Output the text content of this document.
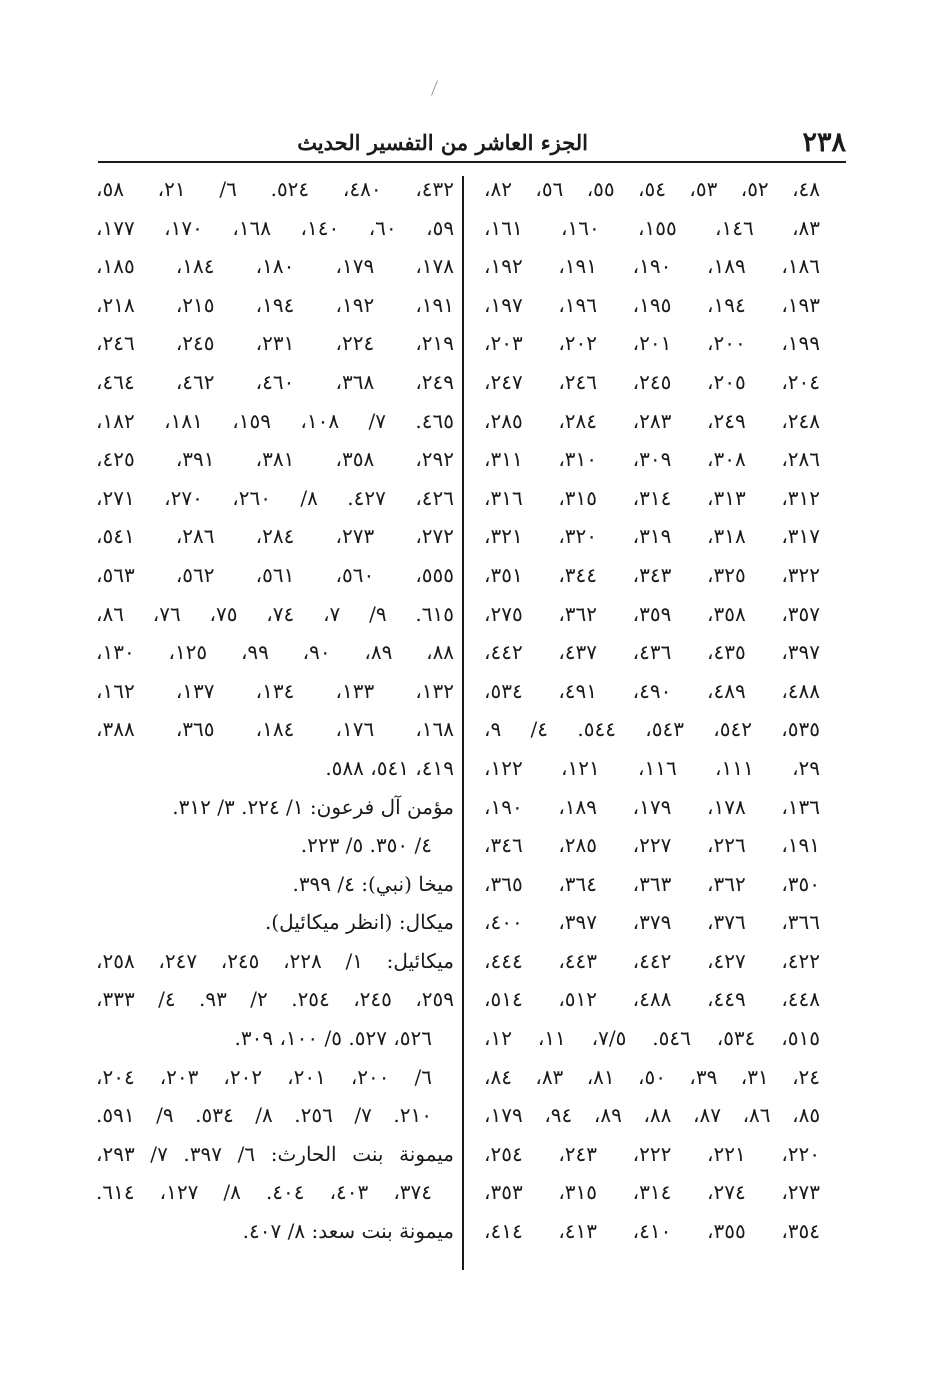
٢٣٨
الجزء العاشر من التفسير الحديث
٤٨، ٥٢، ٥٣، ٥٤، ٥٥، ٥٦، ٨٢،
٨٣، ١٤٦، ١٥٥، ١٦٠، ١٦١،
١٨٦، ١٨٩، ١٩٠، ١٩١، ١٩٢،
١٩٣، ١٩٤، ١٩٥، ١٩٦، ١٩٧،
١٩٩، ٢٠٠، ٢٠١، ٢٠٢، ٢٠٣،
٢٠٤، ٢٠٥، ٢٤٥، ٢٤٦، ٢٤٧،
٢٤٨، ٢٤٩، ٢٨٣، ٢٨٤، ٢٨٥،
٢٨٦، ٣٠٨، ٣٠٩، ٣١٠، ٣١١،
٣١٢، ٣١٣، ٣١٤، ٣١٥، ٣١٦،
٣١٧، ٣١٨، ٣١٩، ٣٢٠، ٣٢١،
٣٢٢، ٣٢٥، ٣٤٣، ٣٤٤، ٣٥١،
٣٥٧، ٣٥٨، ٣٥٩، ٣٦٢، ٢٧٥،
٣٩٧، ٤٣٥، ٤٣٦، ٤٣٧، ٤٤٢،
٤٨٨، ٤٨٩، ٤٩٠، ٤٩١، ٥٣٤،
٥٣٥، ٥٤٢، ٥٤٣، ٥٤٤. ٤/ ٩،
٢٩، ١١١، ١١٦، ١٢١، ١٢٢،
١٣٦، ١٧٨، ١٧٩، ١٨٩، ١٩٠،
١٩١، ٢٢٦، ٢٢٧، ٢٨٥، ٣٤٦،
٣٥٠، ٣٦٢، ٣٦٣، ٣٦٤، ٣٦٥،
٣٦٦، ٣٧٦، ٣٧٩، ٣٩٧، ٤٠٠،
٤٢٢، ٤٢٧، ٤٤٢، ٤٤٣، ٤٤٤،
٤٤٨، ٤٤٩، ٤٨٨، ٥١٢، ٥١٤،
٥١٥، ٥٣٤، ٥٤٦. ٧/٥، ١١، ١٢،
٢٤، ٣١، ٣٩، ٥٠، ٨١، ٨٣، ٨٤،
٨٥، ٨٦، ٨٧، ٨٨، ٨٩، ٩٤، ١٧٩،
٢٢٠، ٢٢١، ٢٢٢، ٢٤٣، ٢٥٤،
٢٧٣، ٢٧٤، ٣١٤، ٣١٥، ٣٥٣،
٣٥٤، ٣٥٥، ٤١٠، ٤١٣، ٤١٤،
٤٣٢، ٤٨٠، ٥٢٤. ٦/ ٢١، ٥٨،
٥٩، ٦٠، ١٤٠، ١٦٨، ١٧٠، ١٧٧،
١٧٨، ١٧٩، ١٨٠، ١٨٤، ١٨٥،
١٩١، ١٩٢، ١٩٤، ٢١٥، ٢١٨،
٢١٩، ٢٢٤، ٢٣١، ٢٤٥، ٢٤٦،
٢٤٩، ٣٦٨، ٤٦٠، ٤٦٢، ٤٦٤،
٤٦٥. ٧/ ١٠٨، ١٥٩، ١٨١، ١٨٢،
٢٩٢، ٣٥٨، ٣٨١، ٣٩١، ٤٢٥،
٤٢٦، ٤٢٧. ٨/ ٢٦٠، ٢٧٠، ٢٧١،
٢٧٢، ٢٧٣، ٢٨٤، ٢٨٦، ٥٤١،
٥٥٥، ٥٦٠، ٥٦١، ٥٦٢، ٥٦٣،
٦١٥. ٩/ ٧، ٧٤، ٧٥، ٧٦، ٨٦،
٨٨، ٨٩، ٩٠، ٩٩، ١٢٥، ١٣٠،
١٣٢، ١٣٣، ١٣٤، ١٣٧، ١٦٢،
١٦٨، ١٧٦، ١٨٤، ٣٦٥، ٣٨٨،
٤١٩، ٥٤١، ٥٨٨.
مؤمن آل فرعون: ١/ ٢٢٤. ٣/ ٣١٢.
٤/ ٣٥٠. ٥/ ٢٢٣.
ميخا (نبي): ٤/ ٣٩٩.
ميكال: (انظر ميكائيل).
ميكائيل: ١/ ٢٢٨، ٢٤٥، ٢٤٧، ٢٥٨،
٢٥٩، ٢٤٥، ٢٥٤. ٢/ ٩٣. ٤/ ٣٣٣،
٥٢٦، ٥٢٧. ٥/ ١٠٠، ٣٠٩.
٦/ ٢٠٠، ٢٠١، ٢٠٢، ٢٠٣، ٢٠٤،
٢١٠. ٧/ ٢٥٦. ٨/ ٥٣٤. ٩/ ٥٩١.
ميمونة بنت الحارث: ٦/ ٣٩٧. ٧/ ٢٩٣،
٣٧٤، ٤٠٣، ٤٠٤. ٨/ ١٢٧، ٦١٤.
ميمونة بنت سعد: ٨/ ٤٠٧.
